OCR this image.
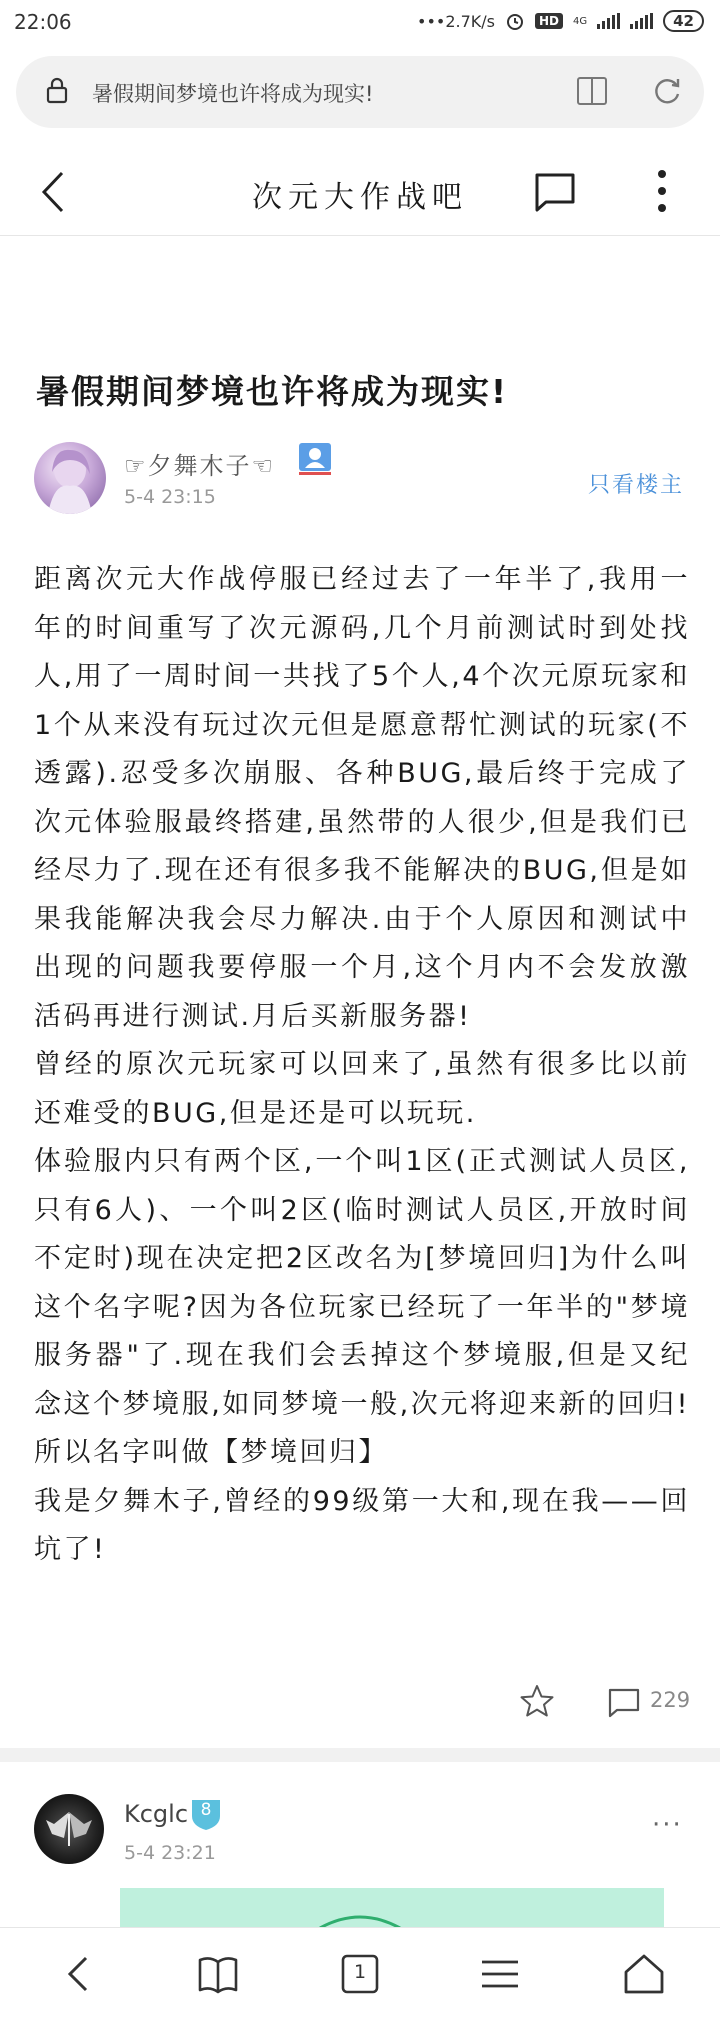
22:06	•••2.7K/s	HD	4G	42
暑假期间梦境也许将成为现实!
次元大作战吧
暑假期间梦境也许将成为现实!
☞夕舞木子☜
5-4 23:15	只看楼主

距离次元大作战停服已经过去了一年半了,我用一年的时间重写了次元源码,几个月前测试时到处找人,用了一周时间一共找了5个人,4个次元原玩家和1个从来没有玩过次元但是愿意帮忙测试的玩家(不透露).忍受多次崩服、各种BUG,最后终于完成了次元体验服最终搭建,虽然带的人很少,但是我们已经尽力了.现在还有很多我不能解决的BUG,但是如果我能解决我会尽力解决.由于个人原因和测试中出现的问题我要停服一个月,这个月内不会发放激活码再进行测试.月后买新服务器!

曾经的原次元玩家可以回来了,虽然有很多比以前还难受的BUG,但是还是可以玩玩.

体验服内只有两个区,一个叫1区(正式测试人员区,只有6人)、一个叫2区(临时测试人员区,开放时间不定时)现在决定把2区改名为[梦境回归]为什么叫这个名字呢?因为各位玩家已经玩了一年半的"梦境服务器"了.现在我们会丢掉这个梦境服,但是又纪念这个梦境服,如同梦境一般,次元将迎来新的回归!所以名字叫做【梦境回归】

我是夕舞木子,曾经的99级第一大和,现在我——回坑了!

229
Kcglc 8
5-4 23:21
···
1
